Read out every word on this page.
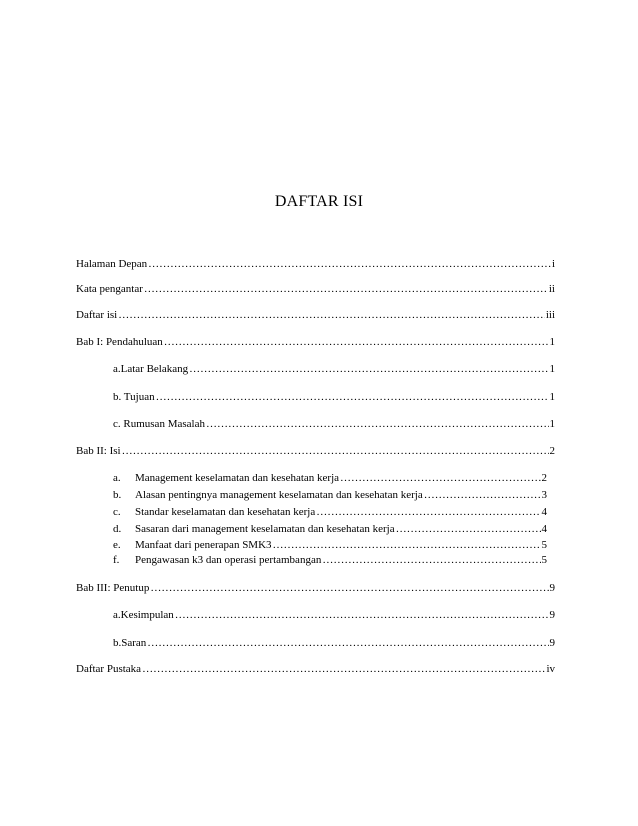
DAFTAR ISI
Halaman Depan ……………………………………………………………………………………………………………………………………………………………………………………………………………………	i
Kata pengantar ……………………………………………………………………………………………………………………………………………………………………………………………………………………	ii
Daftar isi ……………………………………………………………………………………………………………………………………………………………………………………………………………………	iii
Bab I: Pendahuluan ……………………………………………………………………………………………………………………………………………………………………………………………………………………	1
a.Latar Belakang ……………………………………………………………………………………………………………………………………………………………………………………………………………………	1
b. Tujuan ……………………………………………………………………………………………………………………………………………………………………………………………………………………	1
c. Rumusan Masalah ……………………………………………………………………………………………………………………………………………………………………………………………………………………	1
Bab II: Isi ……………………………………………………………………………………………………………………………………………………………………………………………………………………	2
a. Management keselamatan dan kesehatan kerja ……………………………………………………………………………………………………………………………………………………………………………………………………………………	2
b. Alasan pentingnya management keselamatan dan kesehatan kerja ……………………………………………………………………………………………………………………………………………………………………………………………………………………	3
c. Standar keselamatan dan kesehatan kerja ……………………………………………………………………………………………………………………………………………………………………………………………………………………	4
d. Sasaran dari management keselamatan dan kesehatan kerja ……………………………………………………………………………………………………………………………………………………………………………………………………………………	4
e. Manfaat dari penerapan SMK3 ……………………………………………………………………………………………………………………………………………………………………………………………………………………	5
f. Pengawasan k3 dan operasi pertambangan ……………………………………………………………………………………………………………………………………………………………………………………………………………………	5
Bab III: Penutup ……………………………………………………………………………………………………………………………………………………………………………………………………………………	9
a.Kesimpulan ……………………………………………………………………………………………………………………………………………………………………………………………………………………	9
b.Saran ……………………………………………………………………………………………………………………………………………………………………………………………………………………	9
Daftar Pustaka ……………………………………………………………………………………………………………………………………………………………………………………………………………………	iv
